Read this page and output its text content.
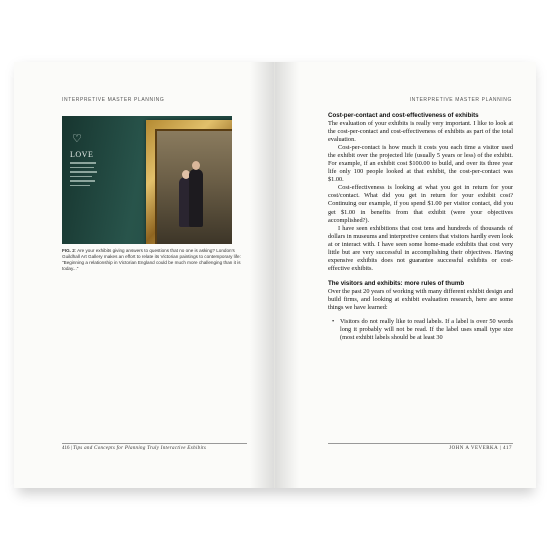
INTERPRETIVE MASTER PLANNING
♡
LOVE
FIG. 2: Are your exhibits giving answers to questions that no one is asking? London's Guildhall Art Gallery makes an effort to relate its Victorian paintings to contemporary life: "Beginning a relationship in Victorian England could be much more challenging than it is today..."
416 | Tips and Concepts for Planning Truly Interactive Exhibits
INTERPRETIVE MASTER PLANNING
Cost-per-contact and cost-effectiveness of exhibits

The evaluation of your exhibits is really very important. I like to look at the cost-per-contact and cost-effectiveness of exhibits as part of the total evaluation.

Cost-per-contact is how much it costs you each time a visitor used the exhibit over the projected life (usually 5 years or less) of the exhibit. For example, if an exhibit cost $100.00 to build, and over its three year life only 100 people looked at that exhibit, the cost-per-contact was $1.00.

Cost-effectiveness is looking at what you got in return for your cost/contact. What did you get in return for your exhibit cost? Continuing our example, if you spend $1.00 per visitor contact, did you get $1.00 in benefits from that exhibit (were your objectives accomplished?).

I have seen exhibitions that cost tens and hundreds of thousands of dollars in museums and interpretive centers that visitors hardly even look at or interact with. I have seen some home-made exhibits that cost very little but are very successful in accomplishing their objectives. Having expensive exhibits does not guarantee successful exhibits or cost-effective exhibits.

The visitors and exhibits: more rules of thumb

Over the past 20 years of working with many different exhibit design and build firms, and looking at exhibit evaluation research, here are some things we have learned:

• Visitors do not really like to read labels. If a label is over 50 words long it probably will not be read. If the label uses small type size (most exhibit labels should be at least 30
JOHN A VEVERKA | 417
